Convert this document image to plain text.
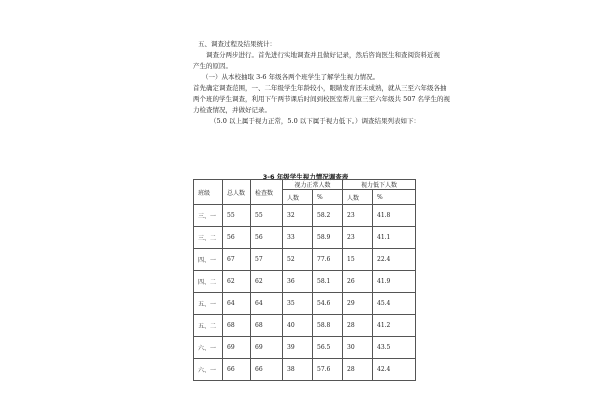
五、调查过程及结果统计：
调查分两步进行。首先进行实地调查并且做好记录，然后咨询医生和查阅资料近视
产生的原因。
（一）从本校抽取 3-6 年级各两个班学生了解学生视力情况。
首先确定调查范围，一、二年级学生年龄较小，眼睛发育还未成熟，就从三至六年级各抽
两个班的学生调查，利用下午两节课后时间到校医室帮儿童三至六年级共 507 名学生的视
力检查情况，并做好记录。
（5.0 以上属于视力正常，5.0 以下属于视力低下。）调查结果列表如下：
3-6 年级学生视力情况调查表
班级	总人数	检查数	视力正常人数		视力低下人数	
			人数	%	人数	%
三、一	55	55	32	58.2	23	41.8
三、二	56	56	33	58.9	23	41.1
四、一	67	57	52	77.6	15	22.4
四、二	62	62	36	58.1	26	41.9
五、一	64	64	35	54.6	29	45.4
五、二	68	68	40	58.8	28	41.2
六、一	69	69	39	56.5	30	43.5
六、一	66	66	38	57.6	28	42.4
